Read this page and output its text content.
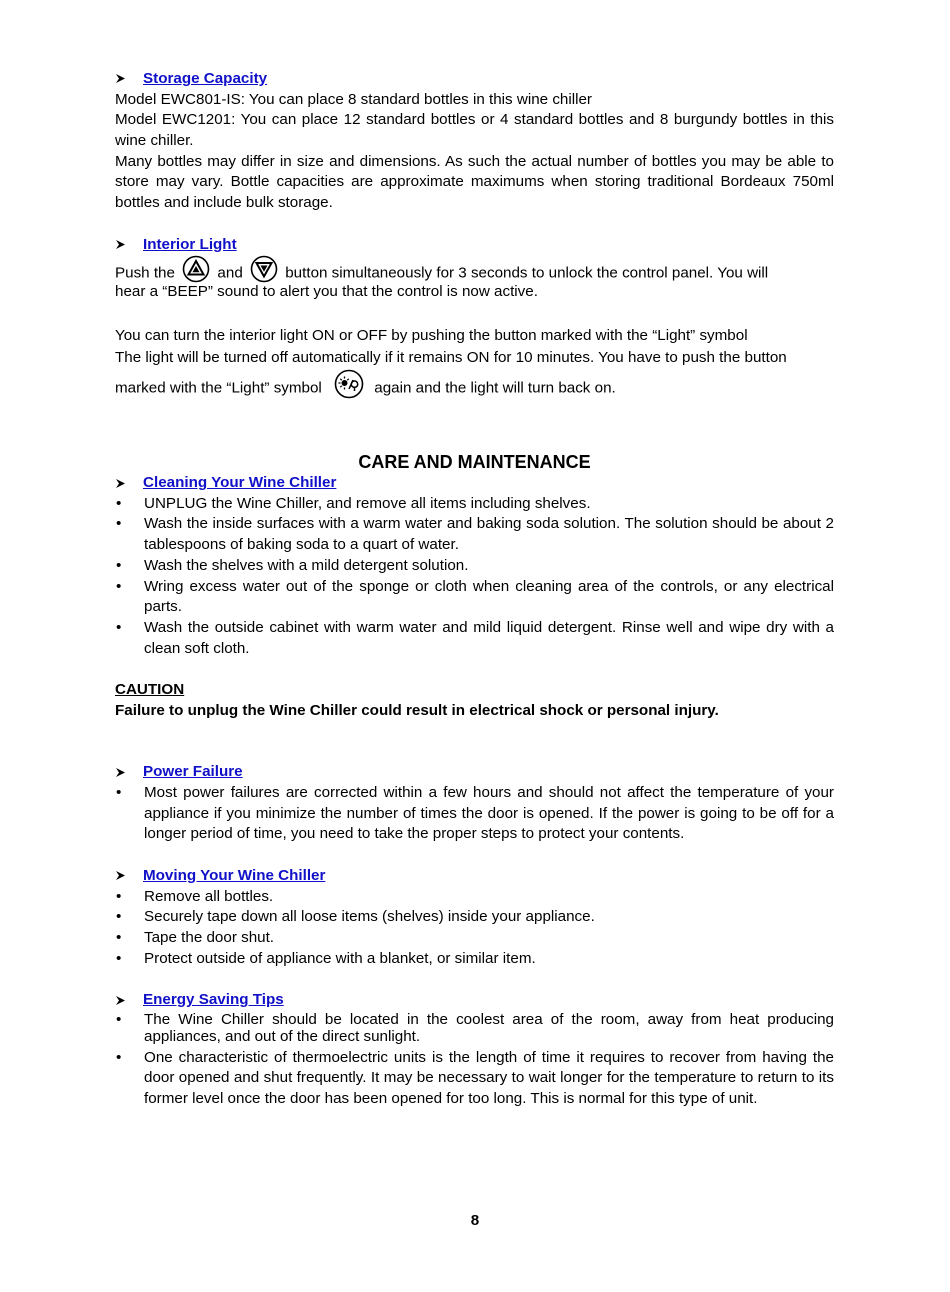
Storage Capacity
Model EWC801-IS: You can place 8 standard bottles in this wine chiller
Model EWC1201: You can place 12 standard bottles or 4 standard bottles and 8 burgundy bottles in this wine chiller.
Many bottles may differ in size and dimensions. As such the actual number of bottles you may be able to store may vary. Bottle capacities are approximate maximums when storing traditional Bordeaux 750ml bottles and include bulk storage.
Interior Light
Push the	and	button simultaneously for 3 seconds to unlock the control panel. You will
hear a “BEEP” sound to alert you that the control is now active.
You can turn the interior light ON or OFF by pushing the button marked with the “Light” symbol
The light will be turned off automatically if it remains ON for 10 minutes. You have to push the button
marked with the “Light” symbol	again and the light will turn back on.
CARE AND MAINTENANCE
Cleaning Your Wine Chiller
•	UNPLUG the Wine Chiller, and remove all items including shelves.
•	Wash the inside surfaces with a warm water and baking soda solution. The solution should be about 2 tablespoons of baking soda to a quart of water.
•	Wash the shelves with a mild detergent solution.
•	Wring excess water out of the sponge or cloth when cleaning area of the controls, or any electrical parts.
•	Wash the outside cabinet with warm water and mild liquid detergent. Rinse well and wipe dry with a clean soft cloth.
CAUTION
Failure to unplug the Wine Chiller could result in electrical shock or personal injury.
Power Failure
•	Most power failures are corrected within a few hours and should not affect the temperature of your appliance if you minimize the number of times the door is opened. If the power is going to be off for a longer period of time, you need to take the proper steps to protect your contents.
Moving Your Wine Chiller
•	Remove all bottles.
•	Securely tape down all loose items (shelves) inside your appliance.
•	Tape the door shut.
•	Protect outside of appliance with a blanket, or similar item.
Energy Saving Tips
•	The Wine Chiller should be located in the coolest area of the room, away from heat producing appliances, and out of the direct sunlight.
•	One characteristic of thermoelectric units is the length of time it requires to recover from having the door opened and shut frequently. It may be necessary to wait longer for the temperature to return to its former level once the door has been opened for too long. This is normal for this type of unit.
8
